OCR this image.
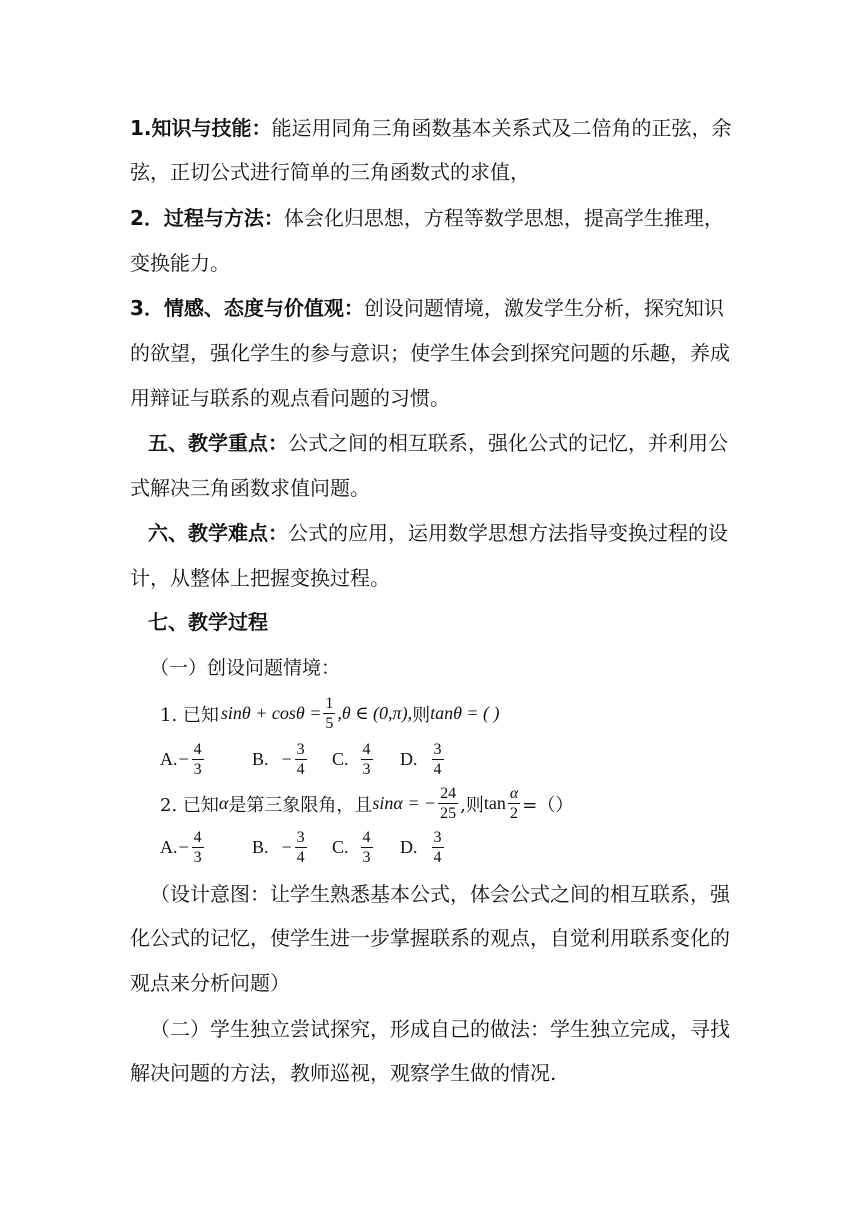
1.知识与技能：能运用同角三角函数基本关系式及二倍角的正弦，余
弦，正切公式进行简单的三角函数式的求值，
2．过程与方法：体会化归思想，方程等数学思想，提高学生推理，
变换能力。
3．情感、态度与价值观：创设问题情境，激发学生分析，探究知识
的欲望，强化学生的参与意识；使学生体会到探究问题的乐趣，养成
用辩证与联系的观点看问题的习惯。
五、教学重点：公式之间的相互联系，强化公式的记忆，并利用公
式解决三角函数求值问题。
六、教学难点：公式的应用，运用数学思想方法指导变换过程的设
计，从整体上把握变换过程。
七、教学过程
（一）创设问题情境：
1. 已知 $\sin\theta + \cos\theta = \frac{1}{5} ,\theta$ ∈ (0,π), 则 tanθ = ( )
A. − $\frac{4}{3}$	B. − $\frac{3}{4} C$. $\frac{4}{3} D$. $\frac{3}{4}$
2. 已知 α 是第三象限角，且 sinα = − $\frac{24}{25}$ ,则 $\tan \frac{\alpha}{2}$ =（）
A. − $\frac{4}{3}$	B. − $\frac{3}{4} C$. $\frac{4}{3} D$. $\frac{3}{4}$
（设计意图：让学生熟悉基本公式，体会公式之间的相互联系，强
化公式的记忆，使学生进一步掌握联系的观点，自觉利用联系变化的
观点来分析问题）
（二）学生独立尝试探究，形成自己的做法：学生独立完成，寻找
解决问题的方法，教师巡视，观察学生做的情况.
